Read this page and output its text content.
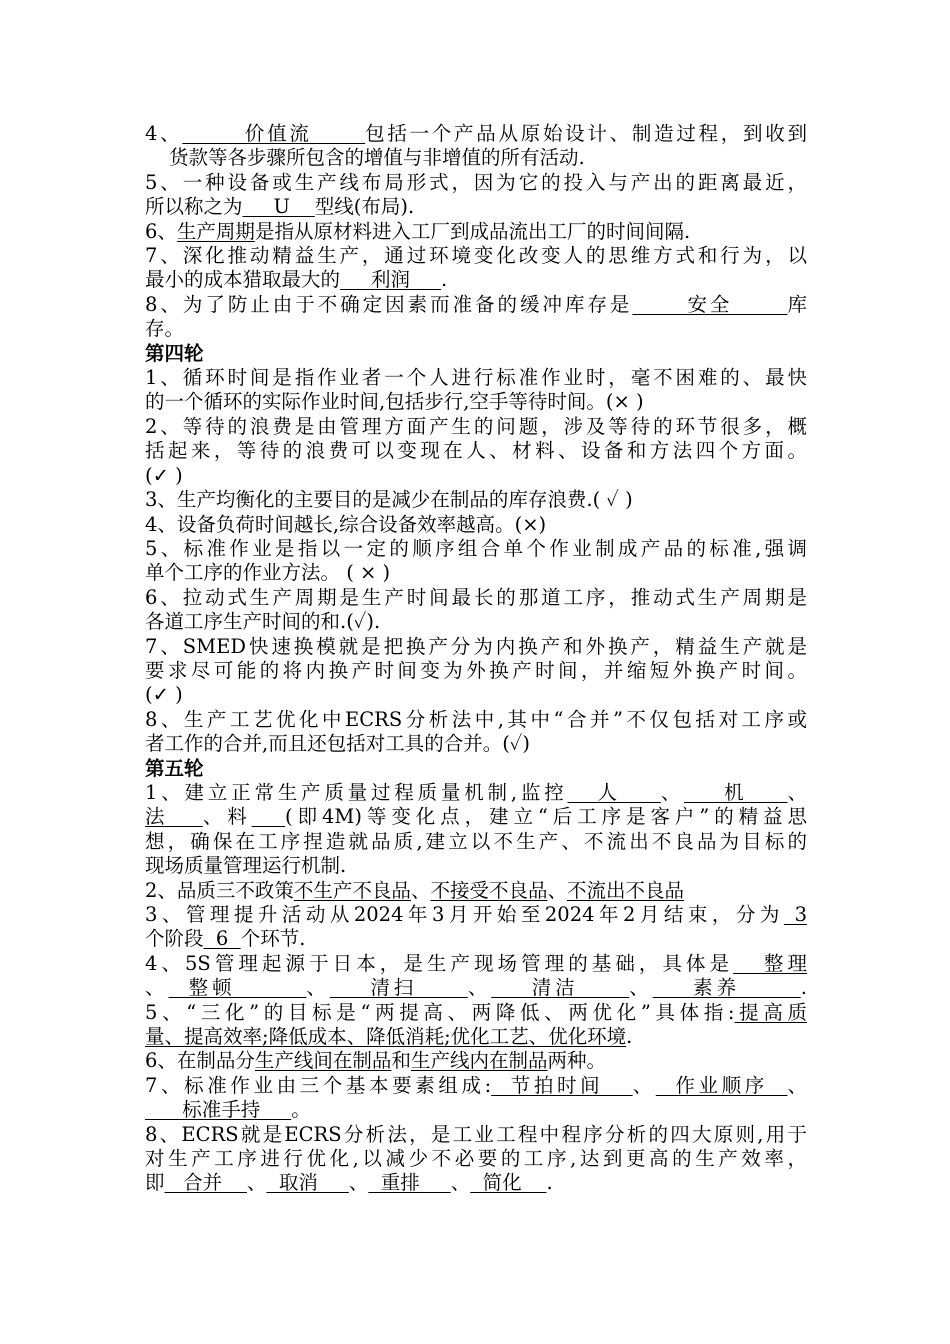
4、       价值流      包括一个产品从原始设计、制造过程，到收到
货款等各步骤所包含的增值与非增值的所有活动.
5、一种设备或生产线布局形式，因为它的投入与产出的距离最近，
所以称之为     U    型线(布局).
6、生产周期是指从原材料进入工厂到成品流出工厂的时间间隔.
7、深化推动精益生产，通过环境变化改变人的思维方式和行为，以
最小的成本猎取最大的     利润     .
8、为了防止由于不确定因素而准备的缓冲库存是      安全      库
存。
第四轮
1、循环时间是指作业者一个人进行标准作业时，毫不困难的、最快
的一个循环的实际作业时间,包括步行,空手等待时间。(× )
2、等待的浪费是由管理方面产生的问题，涉及等待的环节很多，概
括起来，等待的浪费可以变现在人、材料、设备和方法四个方面。
(✓ )
3、生产均衡化的主要目的是减少在制品的库存浪费.( ✓ )
4、设备负荷时间越长,综合设备效率越高。(×)
5、标准作业是指以一定的顺序组合单个作业制成产品的标准,强调
单个工序的作业方法。 ( × )
6、拉动式生产周期是生产时间最长的那道工序，推动式生产周期是
各道工序生产时间的和.(✓).
7、SMED快速换模就是把换产分为内换产和外换产，精益生产就是
要求尽可能的将内换产时间变为外换产时间，并缩短外换产时间。
(✓ )
8、生产工艺优化中ECRS分析法中,其中“合并”不仅包括对工序或
者工作的合并,而且还包括对工具的合并。(✓)
第五轮
1、建立正常生产质量过程质量机制,监控   人    、    机    、
法 、料 (即4M)等变化点，建立“后工序是客户”的精益思
想，确保在工序捏造就品质,建立以不生产、不流出不良品为目标的
现场质量管理运行机制.
2、品质三不政策不生产不良品、不接受不良品、不流出不良品
3、管理提升活动从2024年3月开始至2024年2月结束，分为 3
个阶段  6  个环节.
4、5S管理起源于日本，是生产现场管理的基础，具体是   整理
、  整顿       、    清扫     、    清洁     、    素养      .
5、“三化”的目标是“两提高、两降低、两优化”具体指:提高质
量、提高效率;降低成本、降低消耗;优化工艺、优化环境.
6、在制品分生产线间在制品和生产线内在制品两种。
7、标准作业由三个基本要素组成:  节拍时间   、  作业顺序  、
标准手持     。
8、ECRS就是ECRS分析法，是工业工程中程序分析的四大原则,用于
对生产工序进行优化,以减少不必要的工序,达到更高的生产效率，
即   合并    、  取消     、  重排     、  简化    .
